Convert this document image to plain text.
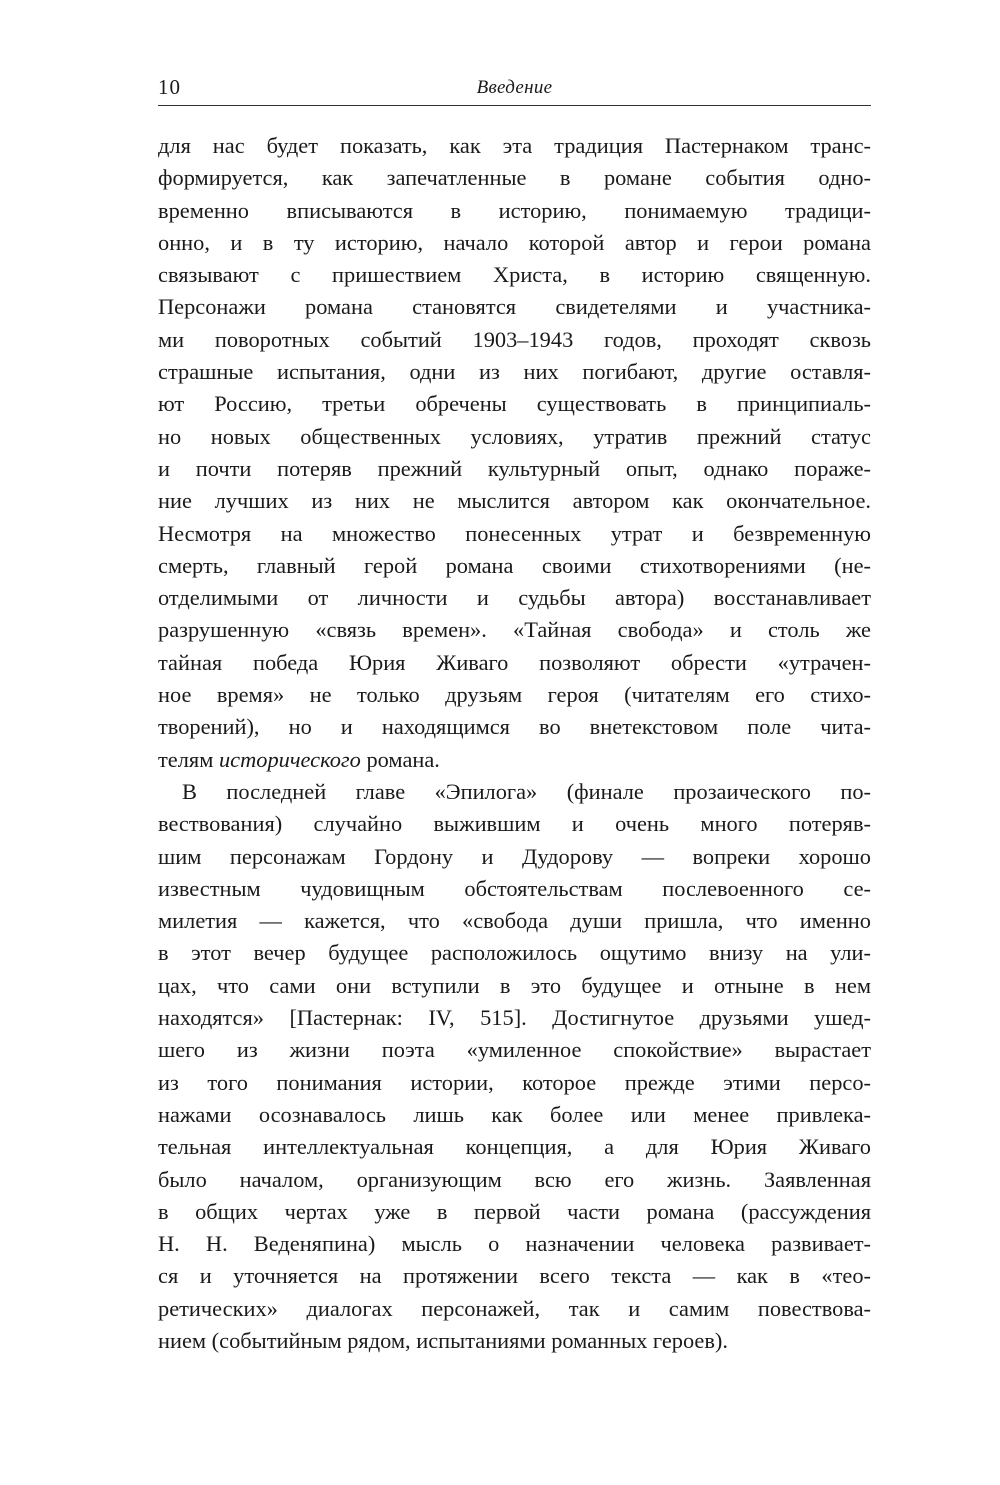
10	Введение
для нас будет показать, как эта традиция Пастернаком транс-
формируется, как запечатленные в романе события одно-
временно вписываются в историю, понимаемую традици-
онно, и в ту историю, начало которой автор и герои романа
связывают с пришествием Христа, в историю священную.
Персонажи романа становятся свидетелями и участника-
ми поворотных событий 1903–1943 годов, проходят сквозь
страшные испытания, одни из них погибают, другие оставля-
ют Россию, третьи обречены существовать в принципиаль-
но новых общественных условиях, утратив прежний статус
и почти потеряв прежний культурный опыт, однако пораже-
ние лучших из них не мыслится автором как окончательное.
Несмотря на множество понесенных утрат и безвременную
смерть, главный герой романа своими стихотворениями (не-
отделимыми от личности и судьбы автора) восстанавливает
разрушенную «связь времен». «Тайная свобода» и столь же
тайная победа Юрия Живаго позволяют обрести «утрачен-
ное время» не только друзьям героя (читателям его стихо-
творений), но и находящимся во внетекстовом поле чита-
телям исторического романа.
В последней главе «Эпилога» (финале прозаического по-
вествования) случайно выжившим и очень много потеряв-
шим персонажам Гордону и Дудорову — вопреки хорошо
известным чудовищным обстоятельствам послевоенного се-
милетия — кажется, что «свобода души пришла, что именно
в этот вечер будущее расположилось ощутимо внизу на ули-
цах, что сами они вступили в это будущее и отныне в нем
находятся» [Пастернак: IV, 515]. Достигнутое друзьями ушед-
шего из жизни поэта «умиленное спокойствие» вырастает
из того понимания истории, которое прежде этими персо-
нажами осознавалось лишь как более или менее привлека-
тельная интеллектуальная концепция, а для Юрия Живаго
было началом, организующим всю его жизнь. Заявленная
в общих чертах уже в первой части романа (рассуждения
Н. Н. Веденяпина) мысль о назначении человека развивает-
ся и уточняется на протяжении всего текста — как в «тео-
ретических» диалогах персонажей, так и самим повествова-
нием (событийным рядом, испытаниями романных героев).
